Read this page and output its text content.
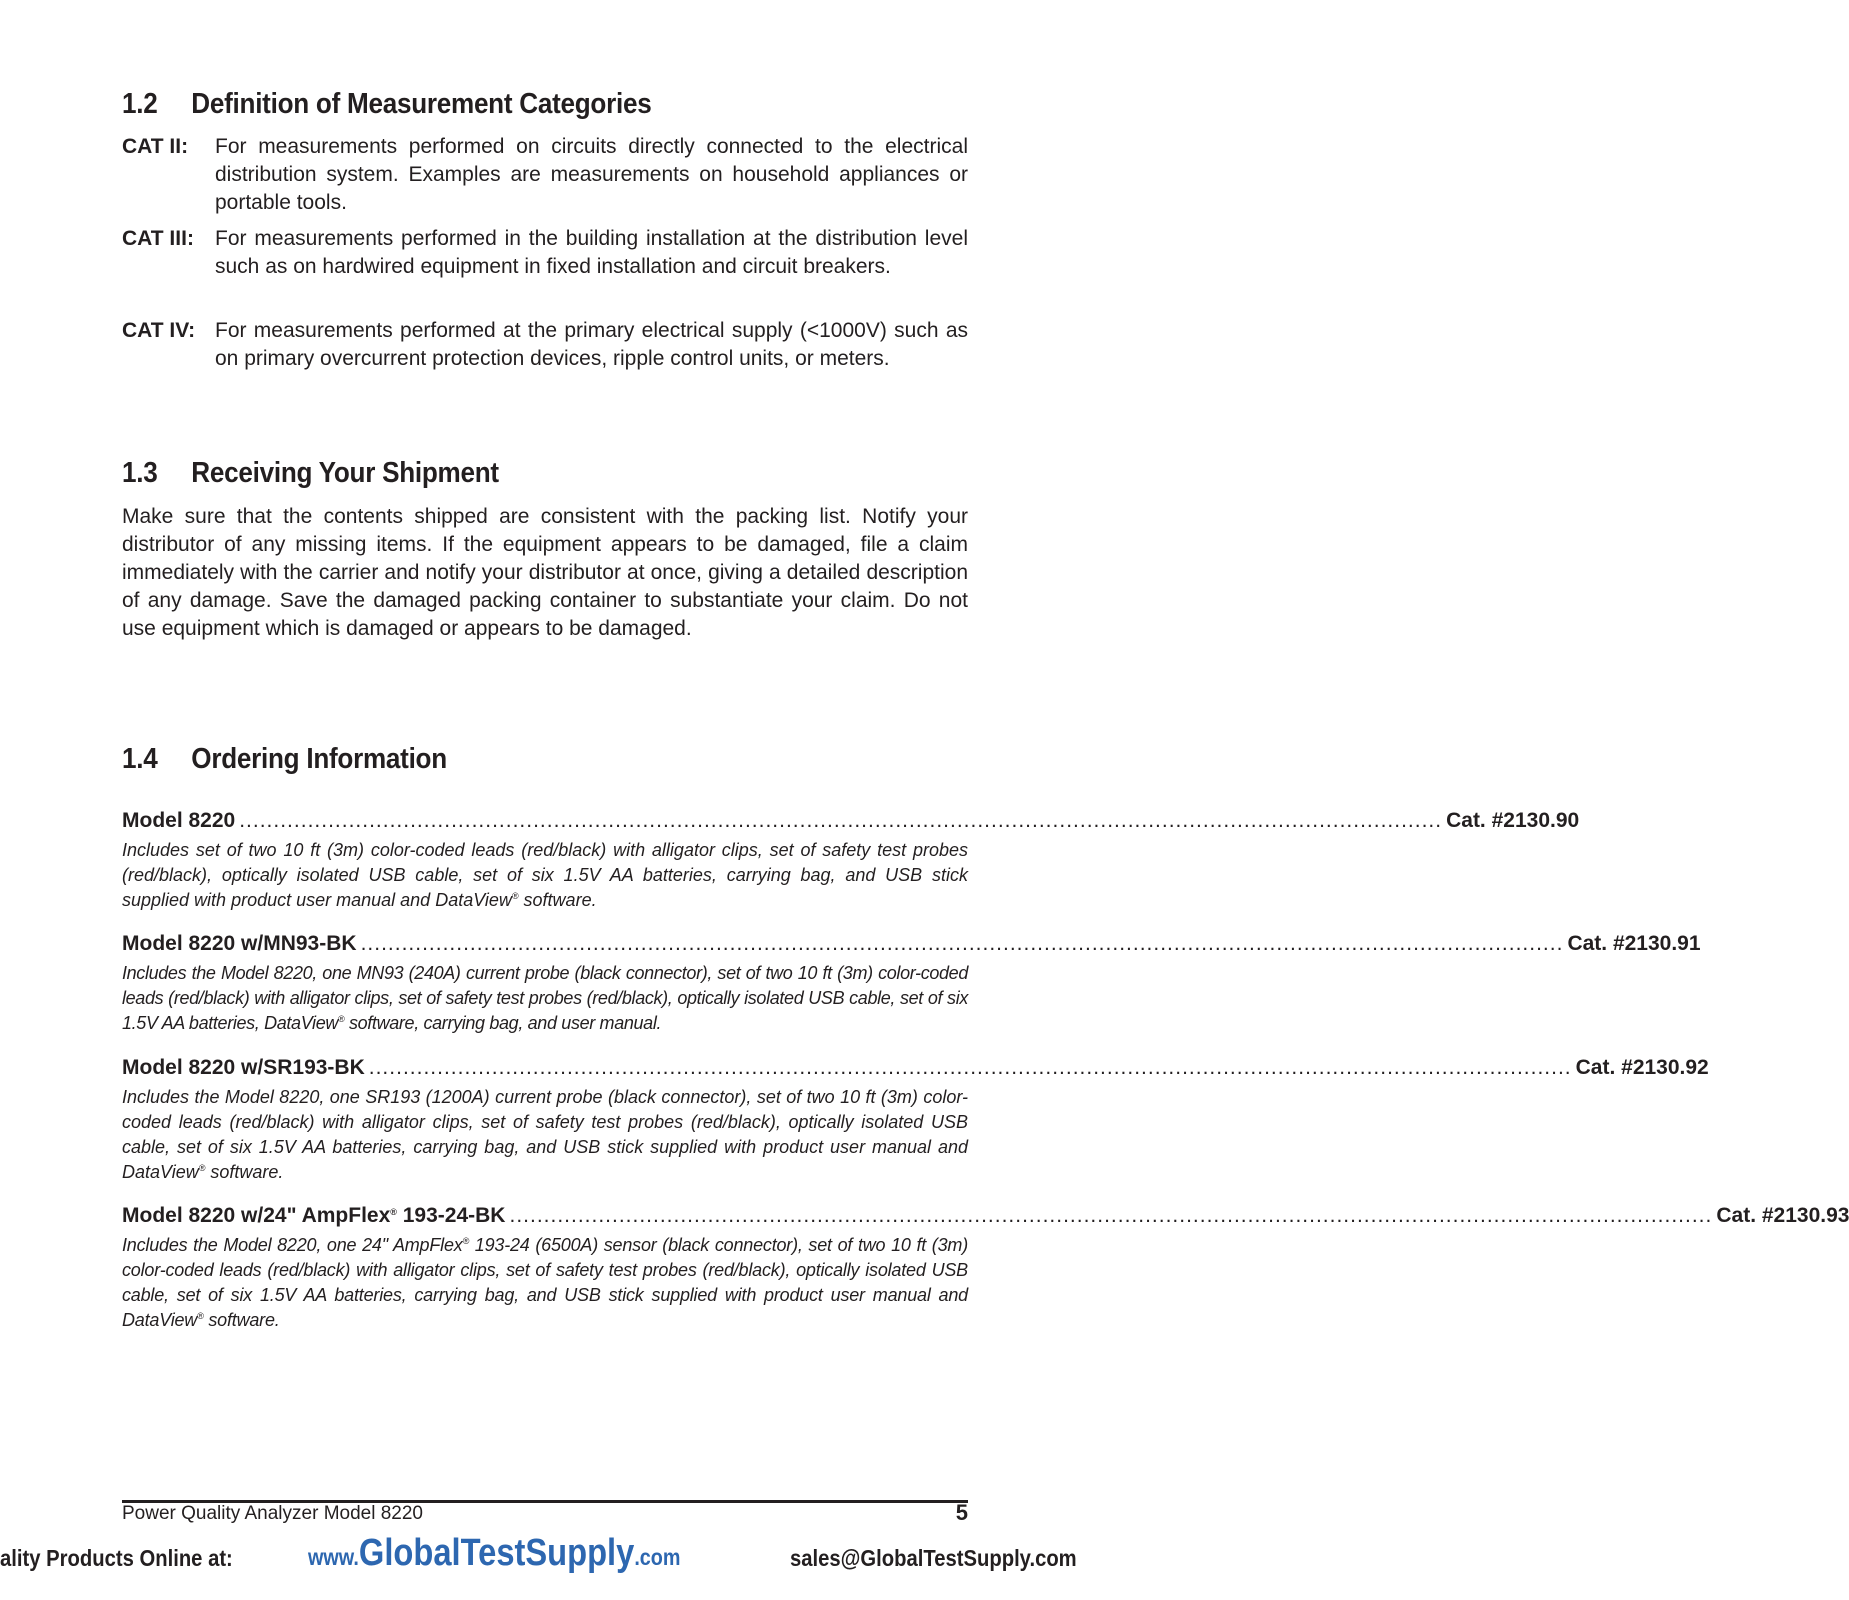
1.2 Definition of Measurement Categories
CAT II: For measurements performed on circuits directly connected to the electrical distribution system. Examples are measurements on household appliances or portable tools.
CAT III: For measurements performed in the building installation at the distribution level such as on hardwired equipment in fixed installation and circuit breakers.
CAT IV: For measurements performed at the primary electrical supply (<1000V) such as on primary overcurrent protection devices, ripple control units, or meters.
1.3 Receiving Your Shipment
Make sure that the contents shipped are consistent with the packing list. Notify your distributor of any missing items. If the equipment appears to be damaged, file a claim immediately with the carrier and notify your distributor at once, giving a detailed description of any damage. Save the damaged packing container to substantiate your claim. Do not use equipment which is damaged or appears to be damaged.
1.4 Ordering Information
Model 8220 .....	Cat. #2130.90
Includes set of two 10 ft (3m) color-coded leads (red/black) with alligator clips, set of safety test probes (red/black), optically isolated USB cable, set of six 1.5V AA batteries, carrying bag, and USB stick supplied with product user manual and DataView® software.
Model 8220 w/MN93-BK .....	Cat. #2130.91
Includes the Model 8220, one MN93 (240A) current probe (black connector), set of two 10 ft (3m) color-coded leads (red/black) with alligator clips, set of safety test probes (red/black), optically isolated USB cable, set of six 1.5V AA batteries, DataView® software, carrying bag, and user manual.
Model 8220 w/SR193-BK .....	Cat. #2130.92
Includes the Model 8220, one SR193 (1200A) current probe (black connector), set of two 10 ft (3m) color-coded leads (red/black) with alligator clips, set of safety test probes (red/black), optically isolated USB cable, set of six 1.5V AA batteries, carrying bag, and USB stick supplied with product user manual and DataView® software.
Model 8220 w/24" AmpFlex® 193-24-BK .....	Cat. #2130.93
Includes the Model 8220, one 24" AmpFlex® 193-24 (6500A) sensor (black connector), set of two 10 ft (3m) color-coded leads (red/black) with alligator clips, set of safety test probes (red/black), optically isolated USB cable, set of six 1.5V AA batteries, carrying bag, and USB stick supplied with product user manual and DataView® software.
Power Quality Analyzer Model 8220	5
ality Products Online at:	www.GlobalTestSupply.com	sales@GlobalTestSupply.com
